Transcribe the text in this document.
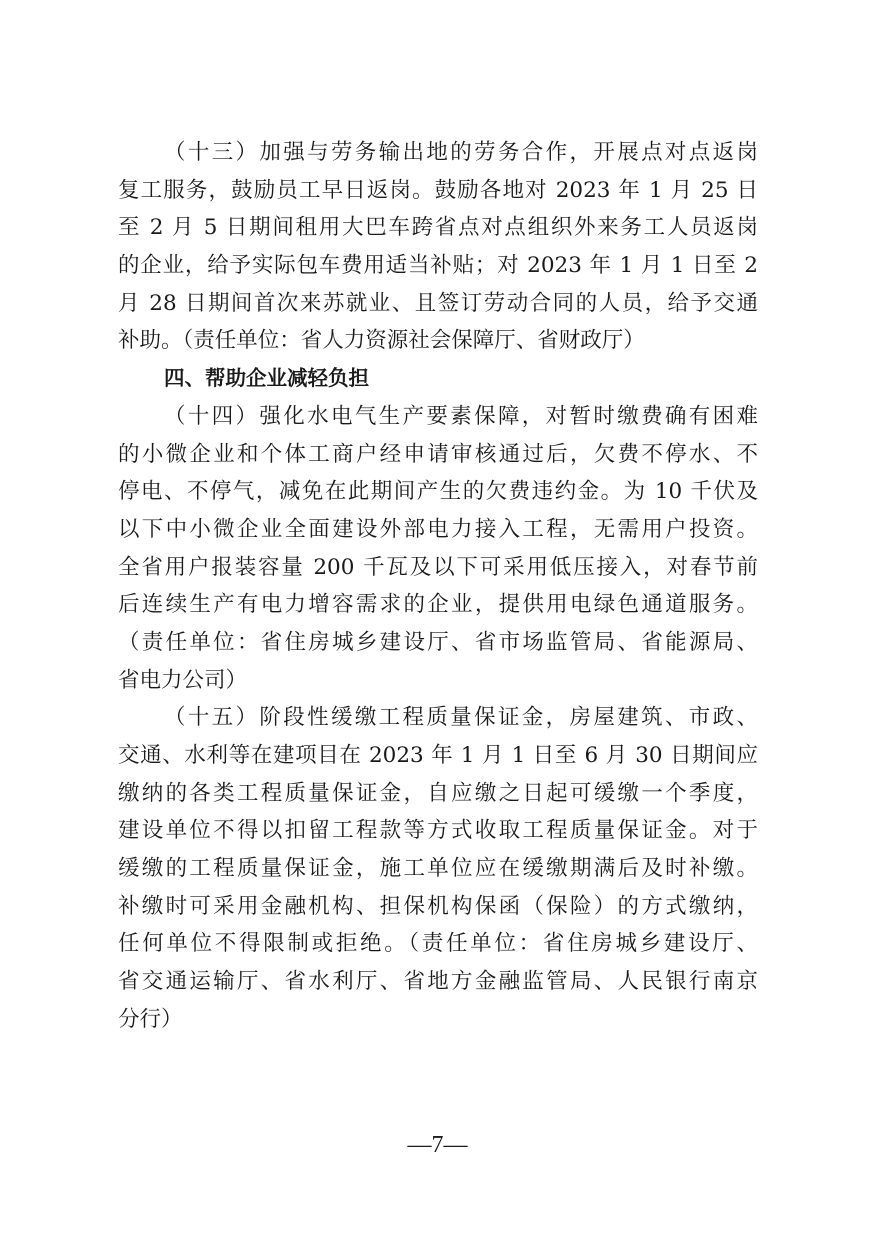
（十三）加强与劳务输出地的劳务合作，开展点对点返岗
复工服务，鼓励员工早日返岗。鼓励各地对 2023 年 1 月 25 日
至 2 月 5 日期间租用大巴车跨省点对点组织外来务工人员返岗
的企业，给予实际包车费用适当补贴；对 2023 年 1 月 1 日至 2
月 28 日期间首次来苏就业、且签订劳动合同的人员，给予交通
补助。（责任单位：省人力资源社会保障厅、省财政厅）
四、帮助企业减轻负担
（十四）强化水电气生产要素保障，对暂时缴费确有困难
的小微企业和个体工商户经申请审核通过后，欠费不停水、不
停电、不停气，减免在此期间产生的欠费违约金。为 10 千伏及
以下中小微企业全面建设外部电力接入工程，无需用户投资。
全省用户报装容量 200 千瓦及以下可采用低压接入，对春节前
后连续生产有电力增容需求的企业，提供用电绿色通道服务。
（责任单位：省住房城乡建设厅、省市场监管局、省能源局、
省电力公司）
（十五）阶段性缓缴工程质量保证金，房屋建筑、市政、
交通、水利等在建项目在 2023 年 1 月 1 日至 6 月 30 日期间应
缴纳的各类工程质量保证金，自应缴之日起可缓缴一个季度，
建设单位不得以扣留工程款等方式收取工程质量保证金。对于
缓缴的工程质量保证金，施工单位应在缓缴期满后及时补缴。
补缴时可采用金融机构、担保机构保函（保险）的方式缴纳，
任何单位不得限制或拒绝。（责任单位：省住房城乡建设厅、
省交通运输厅、省水利厅、省地方金融监管局、人民银行南京
分行）
—7—
